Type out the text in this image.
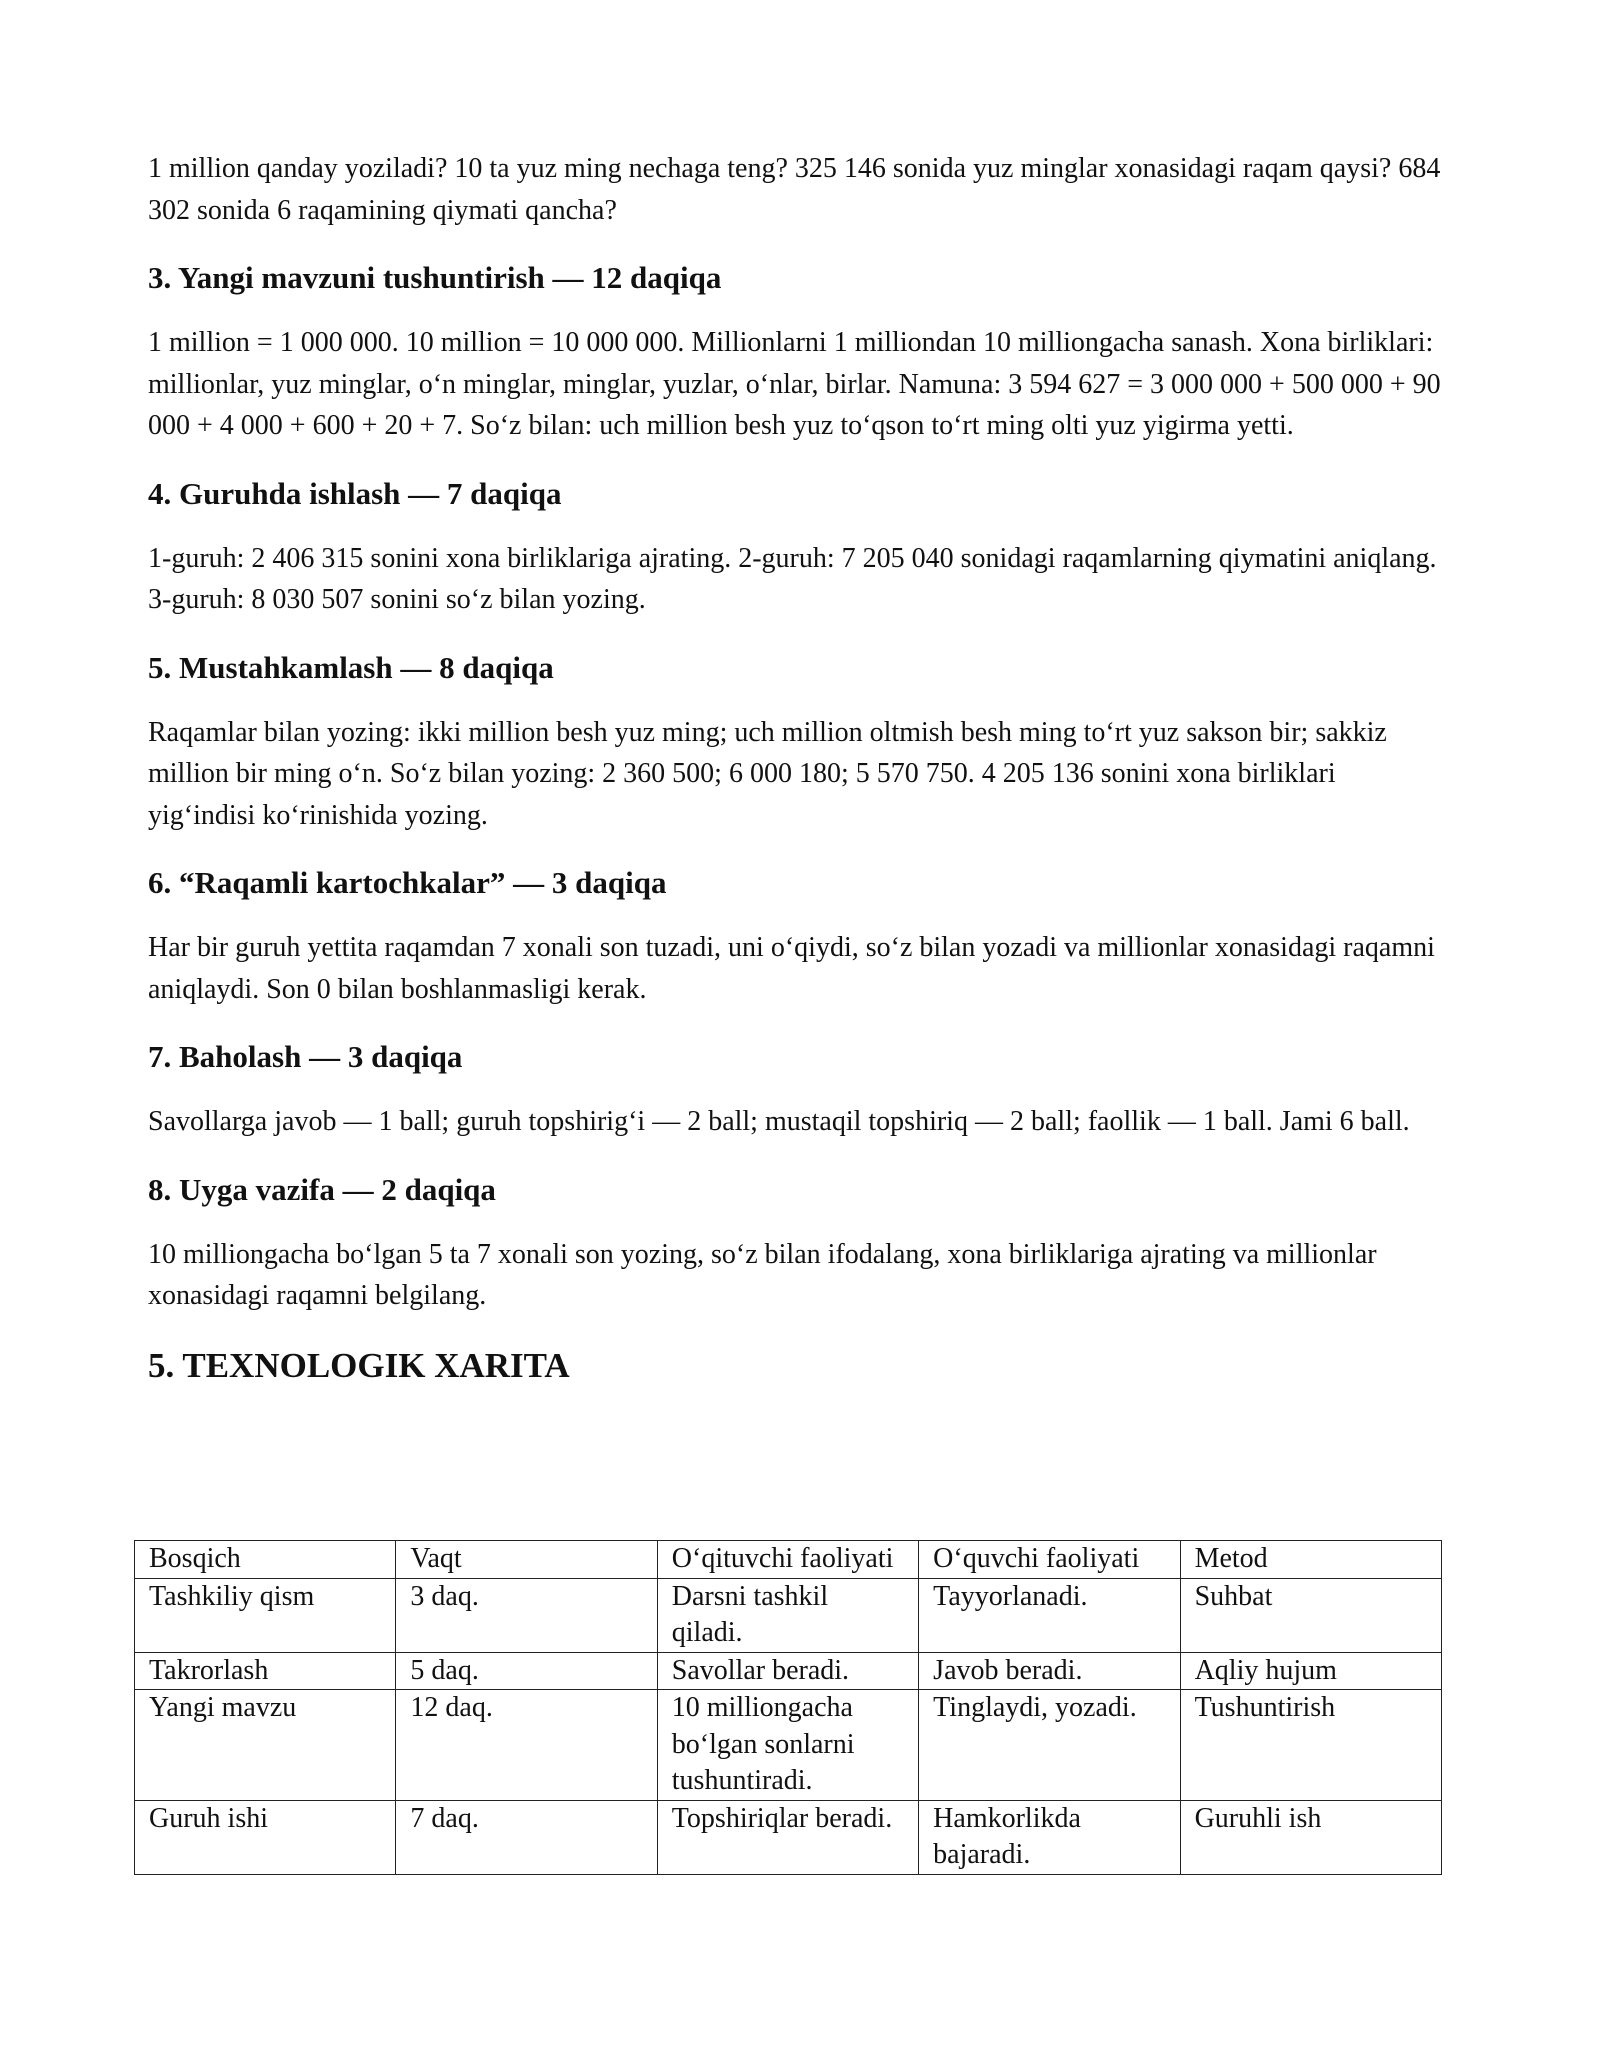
1 million qanday yoziladi? 10 ta yuz ming nechaga teng? 325 146 sonida yuz minglar xonasidagi raqam qaysi? 684 302 sonida 6 raqamining qiymati qancha?

3. Yangi mavzuni tushuntirish — 12 daqiqa

1 million = 1 000 000. 10 million = 10 000 000. Millionlarni 1 milliondan 10 milliongacha sanash. Xona birliklari: millionlar, yuz minglar, o‘n minglar, minglar, yuzlar, o‘nlar, birlar. Namuna: 3 594 627 = 3 000 000 + 500 000 + 90 000 + 4 000 + 600 + 20 + 7. So‘z bilan: uch million besh yuz to‘qson to‘rt ming olti yuz yigirma yetti.

4. Guruhda ishlash — 7 daqiqa

1-guruh: 2 406 315 sonini xona birliklariga ajrating. 2-guruh: 7 205 040 sonidagi raqamlarning qiymatini aniqlang. 3-guruh: 8 030 507 sonini so‘z bilan yozing.

5. Mustahkamlash — 8 daqiqa

Raqamlar bilan yozing: ikki million besh yuz ming; uch million oltmish besh ming to‘rt yuz sakson bir; sakkiz million bir ming o‘n. So‘z bilan yozing: 2 360 500; 6 000 180; 5 570 750. 4 205 136 sonini xona birliklari yig‘indisi ko‘rinishida yozing.

6. “Raqamli kartochkalar” — 3 daqiqa

Har bir guruh yettita raqamdan 7 xonali son tuzadi, uni o‘qiydi, so‘z bilan yozadi va millionlar xonasidagi raqamni aniqlaydi. Son 0 bilan boshlanmasligi kerak.

7. Baholash — 3 daqiqa

Savollarga javob — 1 ball; guruh topshirig‘i — 2 ball; mustaqil topshiriq — 2 ball; faollik — 1 ball. Jami 6 ball.

8. Uyga vazifa — 2 daqiqa

10 milliongacha bo‘lgan 5 ta 7 xonali son yozing, so‘z bilan ifodalang, xona birliklariga ajrating va millionlar xonasidagi raqamni belgilang.

5. TEXNOLOGIK XARITA
Bosqich	Vaqt	O‘qituvchi faoliyati	O‘quvchi faoliyati	Metod
Tashkiliy qism	3 daq.	Darsni tashkil qiladi.	Tayyorlanadi.	Suhbat
Takrorlash	5 daq.	Savollar beradi.	Javob beradi.	Aqliy hujum
Yangi mavzu	12 daq.	10 milliongacha bo‘lgan sonlarni tushuntiradi.	Tinglaydi, yozadi.	Tushuntirish
Guruh ishi	7 daq.	Topshiriqlar beradi.	Hamkorlikda bajaradi.	Guruhli ish
